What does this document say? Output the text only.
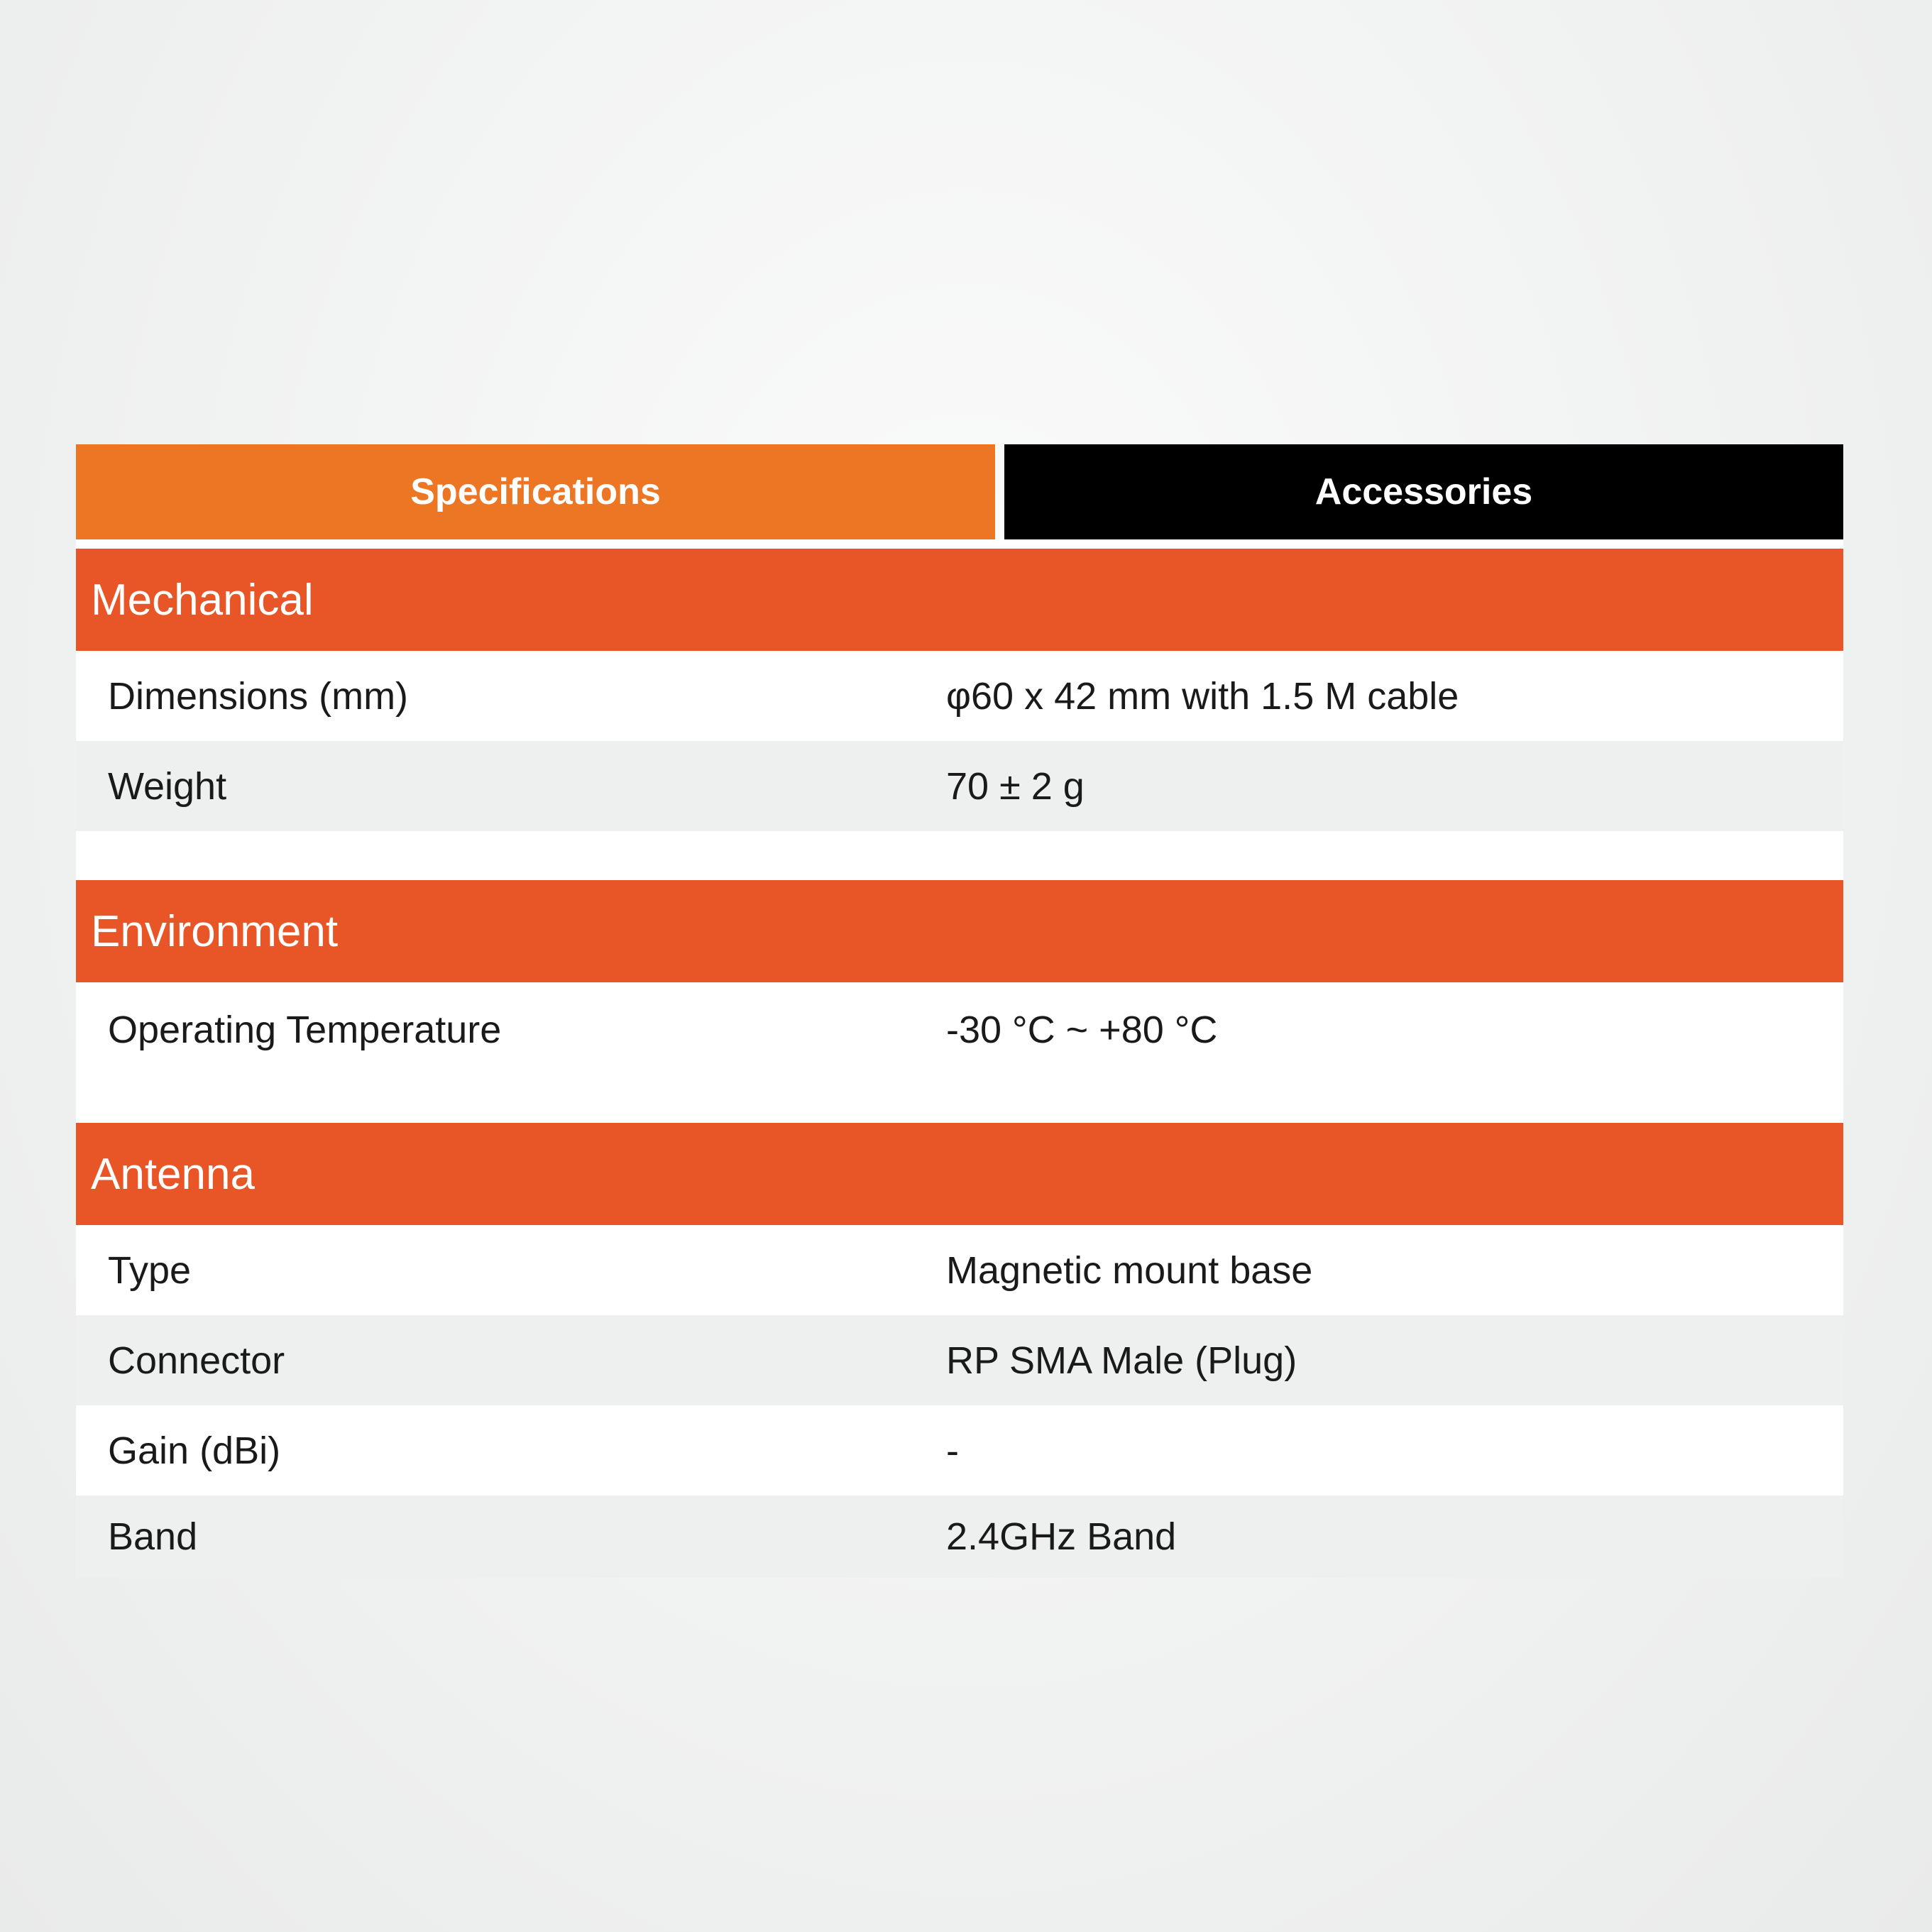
Specifications	Accessories
Mechanical
Dimensions (mm)	φ60 x 42 mm with 1.5 M cable
Weight	70 ± 2 g
Environment
Operating Temperature	-30 °C ~ +80 °C
Antenna
Type	Magnetic mount base
Connector	RP SMA Male (Plug)
Gain (dBi)	-
Band	2.4GHz Band
